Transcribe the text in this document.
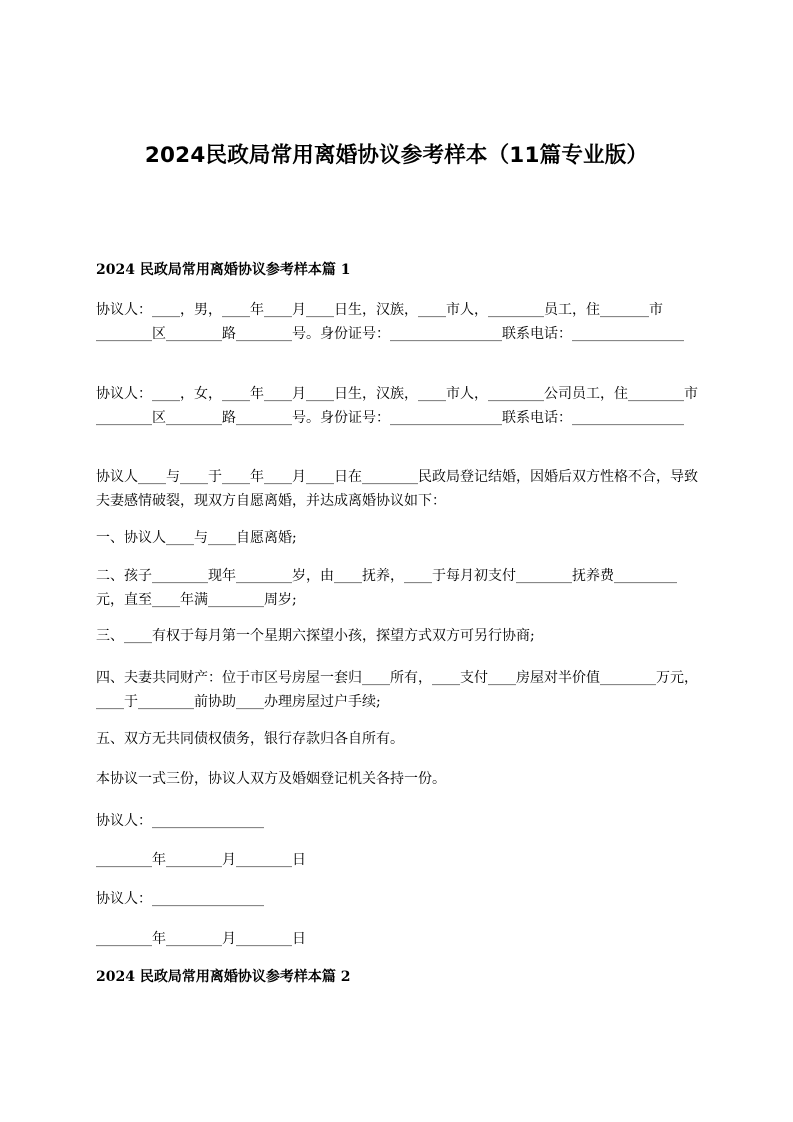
2024民政局常用离婚协议参考样本（11篇专业版）
2024 民政局常用离婚协议参考样本篇 1

协议人：____，男，____年____月____日生，汉族，____市人，________员工，住_______市________区________路________号。身份证号：________________联系电话：________________

协议人：____，女，____年____月____日生，汉族，____市人，________公司员工，住________市________区________路________号。身份证号：________________联系电话：________________

协议人____与____于____年____月____日在________民政局登记结婚，因婚后双方性格不合，导致夫妻感情破裂，现双方自愿离婚，并达成离婚协议如下：

一、协议人____与____自愿离婚;

二、孩子________现年________岁，由____抚养，____于每月初支付________抚养费_________元，直至____年满________周岁;

三、____有权于每月第一个星期六探望小孩，探望方式双方可另行协商;

四、夫妻共同财产：位于市区号房屋一套归____所有，____支付____房屋对半价值________万元，____于________前协助____办理房屋过户手续;

五、双方无共同债权债务，银行存款归各自所有。

本协议一式三份，协议人双方及婚姻登记机关各持一份。

协议人：________________

________年________月________日

协议人：________________

________年________月________日

2024 民政局常用离婚协议参考样本篇 2
